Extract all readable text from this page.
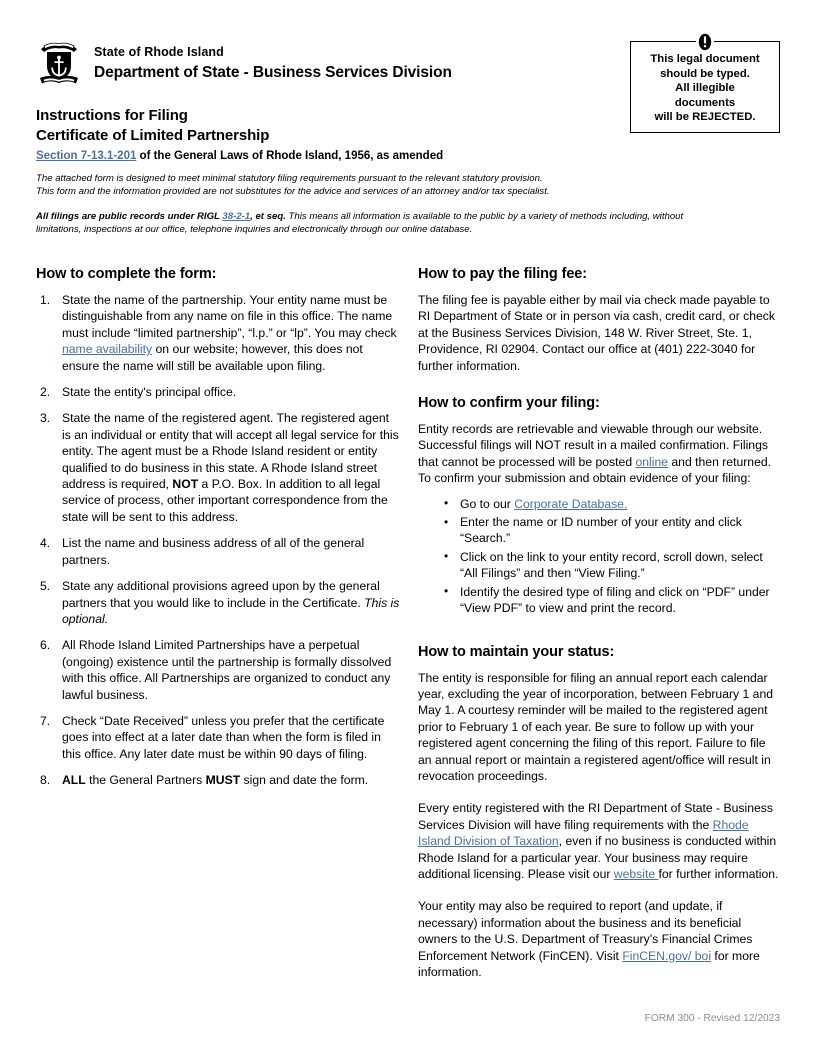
State of Rhode Island
Department of State - Business Services Division
This legal document
should be typed.
All illegible
documents
will be REJECTED.
Instructions for Filing
Certificate of Limited Partnership
Section 7-13.1-201 of the General Laws of Rhode Island, 1956, as amended
The attached form is designed to meet minimal statutory filing requirements pursuant to the relevant statutory provision.
This form and the information provided are not substitutes for the advice and services of an attorney and/or tax specialist.
All filings are public records under RIGL 38-2-1, et seq. This means all information is available to the public by a variety of methods including, without limitations, inspections at our office, telephone inquiries and electronically through our online database.
How to complete the form:
State the name of the partnership. Your entity name must be distinguishable from any name on file in this office. The name must include “limited partnership”, “l.p.” or “lp”. You may check name availability on our website; however, this does not ensure the name will still be available upon filing.
State the entity's principal office.
State the name of the registered agent. The registered agent is an individual or entity that will accept all legal service for this entity. The agent must be a Rhode Island resident or entity qualified to do business in this state. A Rhode Island street address is required, NOT a P.O. Box. In addition to all legal service of process, other important correspondence from the state will be sent to this address.
List the name and business address of all of the general partners.
State any additional provisions agreed upon by the general partners that you would like to include in the Certificate. This is optional.
All Rhode Island Limited Partnerships have a perpetual (ongoing) existence until the partnership is formally dissolved with this office. All Partnerships are organized to conduct any lawful business.
Check “Date Received” unless you prefer that the certificate goes into effect at a later date than when the form is filed in this office. Any later date must be within 90 days of filing.
ALL the General Partners MUST sign and date the form.
How to pay the filing fee:

The filing fee is payable either by mail via check made payable to RI Department of State or in person via cash, credit card, or check at the Business Services Division, 148 W. River Street, Ste. 1, Providence, RI 02904. Contact our office at (401) 222-3040 for further information.

How to confirm your filing:

Entity records are retrievable and viewable through our website. Successful filings will NOT result in a mailed confirmation. Filings that cannot be processed will be posted online and then returned. To confirm your submission and obtain evidence of your filing:

• Go to our Corporate Database.
• Enter the name or ID number of your entity and click “Search.”
• Click on the link to your entity record, scroll down, select “All Filings” and then “View Filing.”
• Identify the desired type of filing and click on “PDF” under “View PDF” to view and print the record.
How to maintain your status:

The entity is responsible for filing an annual report each calendar year, excluding the year of incorporation, between February 1 and May 1. A courtesy reminder will be mailed to the registered agent prior to February 1 of each year. Be sure to follow up with your registered agent concerning the filing of this report. Failure to file an annual report or maintain a registered agent/office will result in revocation proceedings.

Every entity registered with the RI Department of State - Business Services Division will have filing requirements with the Rhode Island Division of Taxation, even if no business is conducted within Rhode Island for a particular year. Your business may require additional licensing. Please visit our website for further information.

Your entity may also be required to report (and update, if necessary) information about the business and its beneficial owners to the U.S. Department of Treasury’s Financial Crimes Enforcement Network (FinCEN). Visit FinCEN.gov/ boi for more information.

FORM 300 - Revised 12/2023
